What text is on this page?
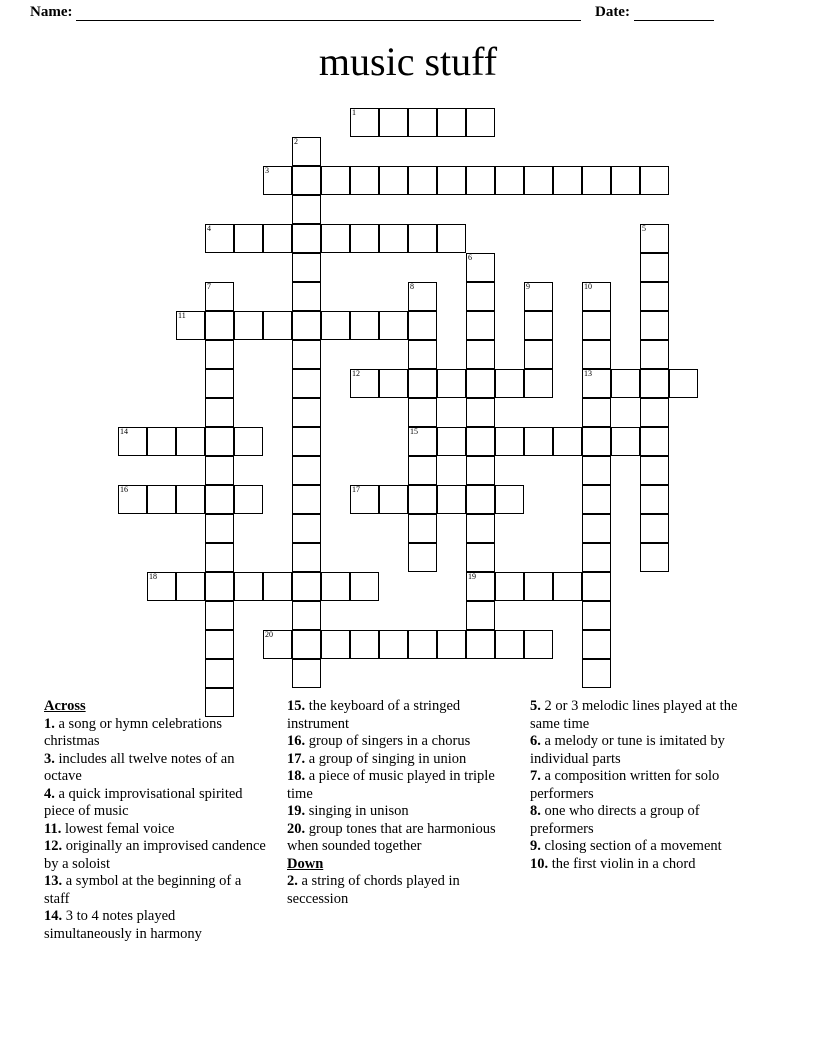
Name:	Date:
music stuff
1
2
3
4	5
6
19
7	8
15
9	10
13
11
12
14
16	17
18
20
Across

1. a song or hymn celebrations christmas

3. includes all twelve notes of an octave

4. a quick improvisational spirited piece of music

11. lowest femal voice

12. originally an improvised candence by a soloist

13. a symbol at the beginning of a staff

14. 3 to 4 notes played simultaneously in harmony

15. the keyboard of a stringed instrument

16. group of singers in a chorus

17. a group of singing in union

18. a piece of music played in triple time

19. singing in unison

20. group tones that are harmonious when sounded together

Down

2. a string of chords played in seccession

5. 2 or 3 melodic lines played at the same time

6. a melody or tune is imitated by individual parts

7. a composition written for solo performers

8. one who directs a group of preformers

9. closing section of a movement

10. the first violin in a chord
